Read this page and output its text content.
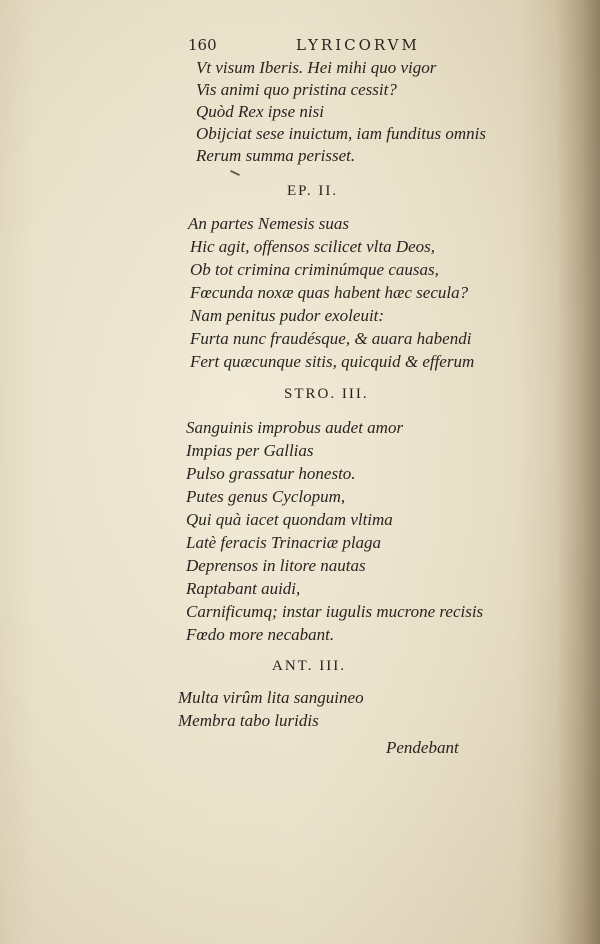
160	LYRICORVM
Vt visum Iberis. Hei mihi quo vigor
Vis animi quo pristina cessit?
Quòd Rex ipse nisi
Obijciat sese inuictum, iam funditus omnis
Rerum summa perisset.
EP. II.
An partes Nemesis suas
Hic agit, offensos scilicet vlta Deos,
Ob tot crimina criminúmque causas,
Fœcunda noxæ quas habent hæc secula?
Nam penitus pudor exoleuit:
Furta nunc fraudésque, & auara habendi
Fert quæcunque sitis, quicquid & efferum
STRO. III.
Sanguinis improbus audet amor
Impias per Gallias
Pulso grassatur honesto.
Putes genus Cyclopum,
Qui quà iacet quondam vltima
Latè feracis Trinacriæ plaga
Deprensos in litore nautas
Raptabant auidi,
Carnificumq; instar iugulis mucrone recisis
Fœdo more necabant.
ANT. III.
Multa virûm lita sanguineo
Membra tabo luridis
Pendebant
